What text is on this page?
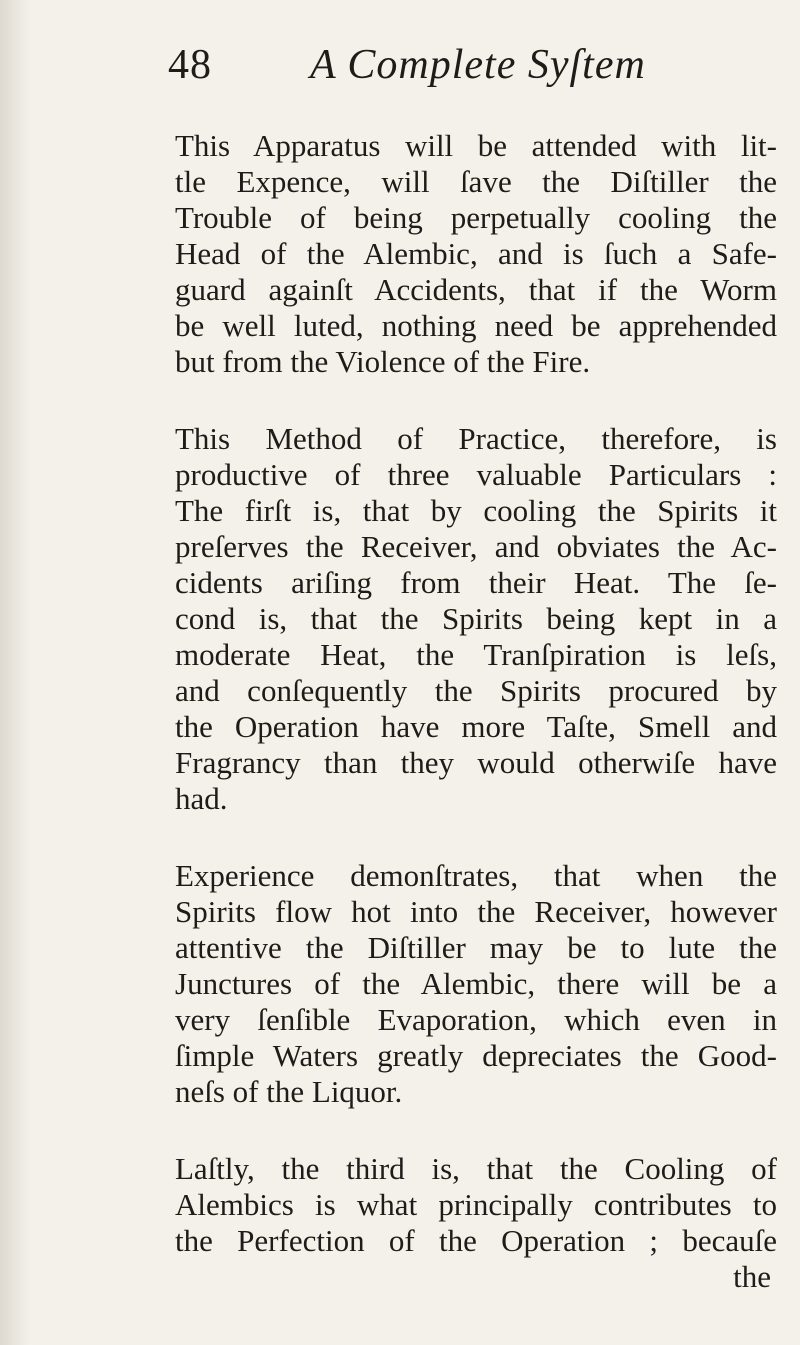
48 A Complete Syſtem

This Apparatus will be attended with lit-
tle Expence, will ſave the Diſtiller the
Trouble of being perpetually cooling the
Head of the Alembic, and is ſuch a Safe-
guard againſt Accidents, that if the Worm
be well luted, nothing need be apprehended
but from the Violence of the Fire.

This Method of Practice, therefore, is
productive of three valuable Particulars :
The firſt is, that by cooling the Spirits it
preſerves the Receiver, and obviates the Ac-
cidents ariſing from their Heat. The ſe-
cond is, that the Spirits being kept in a
moderate Heat, the Tranſpiration is leſs,
and conſequently the Spirits procured by
the Operation have more Taſte, Smell and
Fragrancy than they would otherwiſe have
had.

Experience demonſtrates, that when the
Spirits flow hot into the Receiver, however
attentive the Diſtiller may be to lute the
Junctures of the Alembic, there will be a
very ſenſible Evaporation, which even in
ſimple Waters greatly depreciates the Good-
neſs of the Liquor.

Laſtly, the third is, that the Cooling of
Alembics is what principally contributes to
the Perfection of the Operation ; becauſe
the
